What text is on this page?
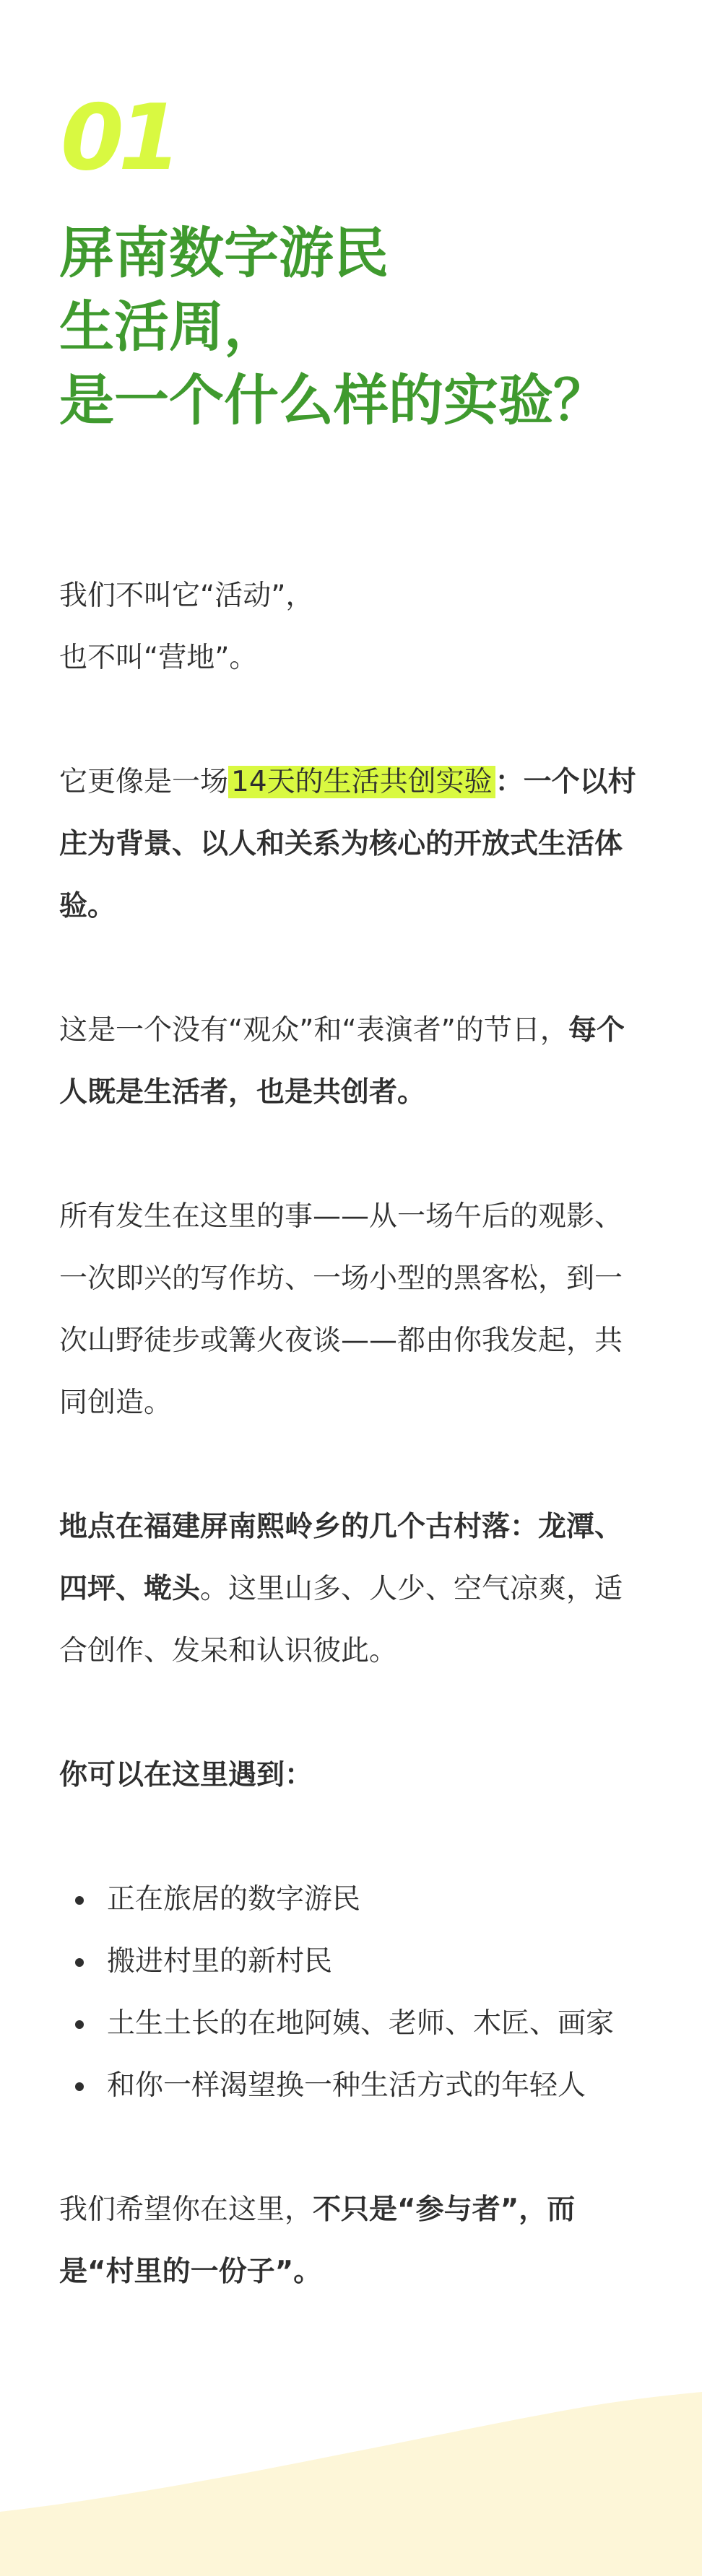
01
屏南数字游民
生活周，
是一个什么样的实验？

我们不叫它“活动”，
也不叫“营地”。

它更像是一场 14天的生活共创实验 ：一个以村庄为背景、以人和关系为核心的开放式生活体验。

这是一个没有“观众”和“表演者”的节日，每个人既是生活者，也是共创者。

所有发生在这里的事——从一场午后的观影、一次即兴的写作坊、一场小型的黑客松，到一次山野徒步或篝火夜谈——都由你我发起，共同创造。

地点在福建屏南熙岭乡的几个古村落：龙潭、四坪、墘头。这里山多、人少、空气凉爽，适合创作、发呆和认识彼此。

你可以在这里遇到：

正在旅居的数字游民
搬进村里的新村民
土生土长的在地阿姨、老师、木匠、画家
和你一样渴望换一种生活方式的年轻人

我们希望你在这里，不只是“参与者”，而是“村里的一份子”。
